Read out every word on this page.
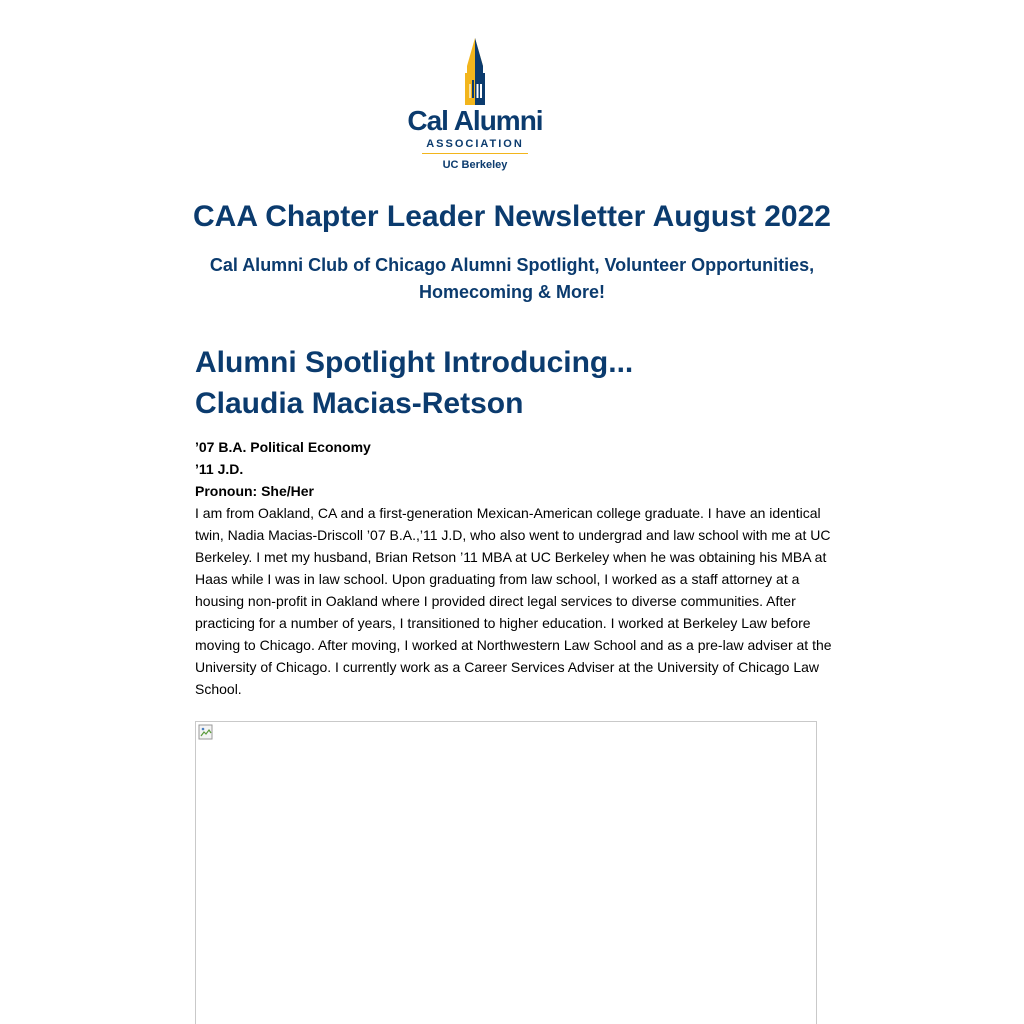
Cal Alumni
ASSOCIATION
UC Berkeley
CAA Chapter Leader Newsletter August 2022
Cal Alumni Club of Chicago Alumni Spotlight, Volunteer Opportunities, Homecoming & More!
Alumni Spotlight Introducing...
Claudia Macias-Retson
’07 B.A. Political Economy
’11 J.D.
Pronoun: She/Her

I am from Oakland, CA and a first-generation Mexican-American college graduate. I have an identical twin, Nadia Macias-Driscoll ’07 B.A.,’11 J.D, who also went to undergrad and law school with me at UC Berkeley. I met my husband, Brian Retson ’11 MBA at UC Berkeley when he was obtaining his MBA at Haas while I was in law school. Upon graduating from law school, I worked as a staff attorney at a housing non-profit in Oakland where I provided direct legal services to diverse communities. After practicing for a number of years, I transitioned to higher education. I worked at Berkeley Law before moving to Chicago. After moving, I worked at Northwestern Law School and as a pre-law adviser at the University of Chicago. I currently work as a Career Services Adviser at the University of Chicago Law School.
